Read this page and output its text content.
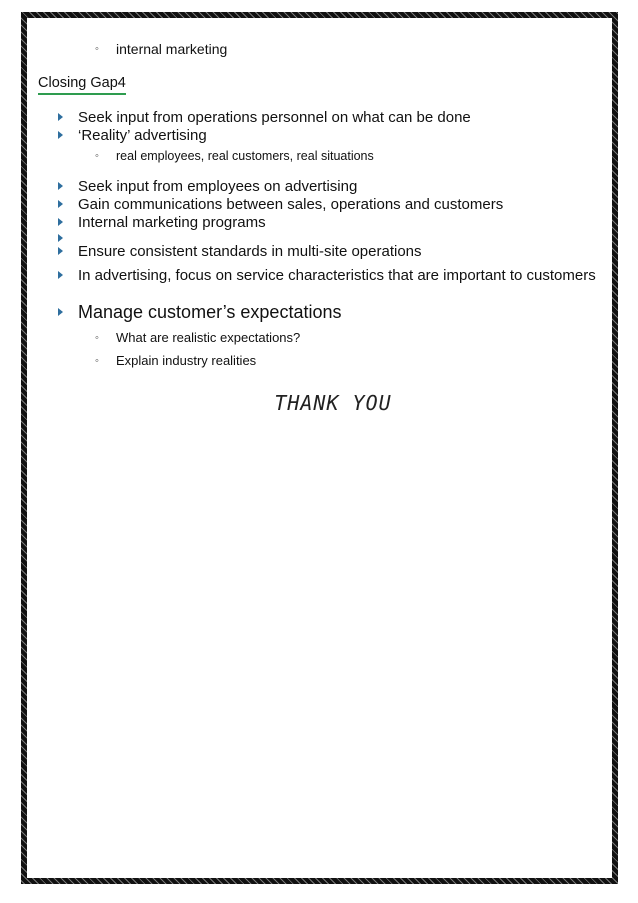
◦ internal marketing
Closing Gap4
Seek input from operations personnel on what can be done
‘Reality’ advertising
◦ real employees, real customers, real situations
Seek input from employees on advertising
Gain communications between sales, operations and customers
Internal marketing programs
Ensure consistent standards in multi-site operations
In advertising, focus on service characteristics that are important to customers
Manage customer’s expectations
◦ What are realistic expectations?
◦ Explain industry realities
THANK YOU
